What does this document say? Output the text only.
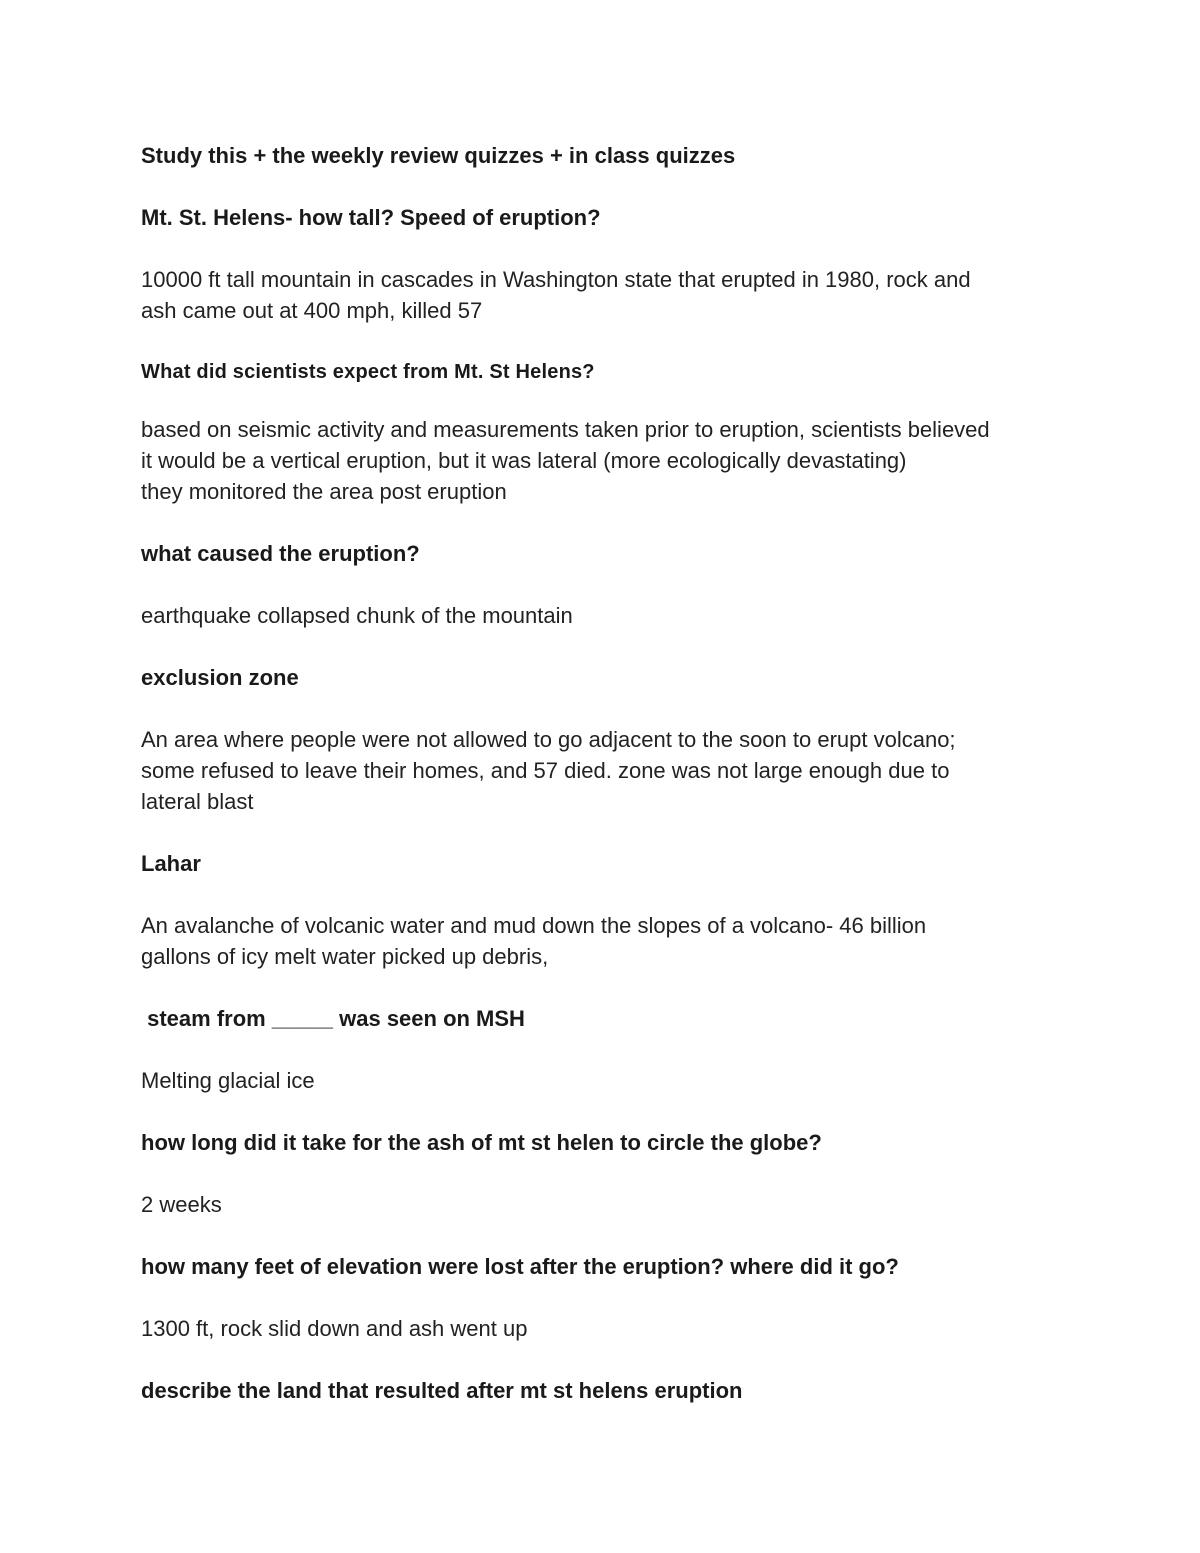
Study this + the weekly review quizzes + in class quizzes

Mt. St. Helens- how tall? Speed of eruption?

10000 ft tall mountain in cascades in Washington state that erupted in 1980, rock and

ash came out at 400 mph, killed 57

What did scientists expect from Mt. St Helens?

based on seismic activity and measurements taken prior to eruption, scientists believed

it would be a vertical eruption, but it was lateral (more ecologically devastating)

they monitored the area post eruption

what caused the eruption?

earthquake collapsed chunk of the mountain

exclusion zone

An area where people were not allowed to go adjacent to the soon to erupt volcano;

some refused to leave their homes, and 57 died. zone was not large enough due to

lateral blast

Lahar

An avalanche of volcanic water and mud down the slopes of a volcano- 46 billion

gallons of icy melt water picked up debris,

steam from _____ was seen on MSH

Melting glacial ice

how long did it take for the ash of mt st helen to circle the globe?

2 weeks

how many feet of elevation were lost after the eruption? where did it go?

1300 ft, rock slid down and ash went up

describe the land that resulted after mt st helens eruption
